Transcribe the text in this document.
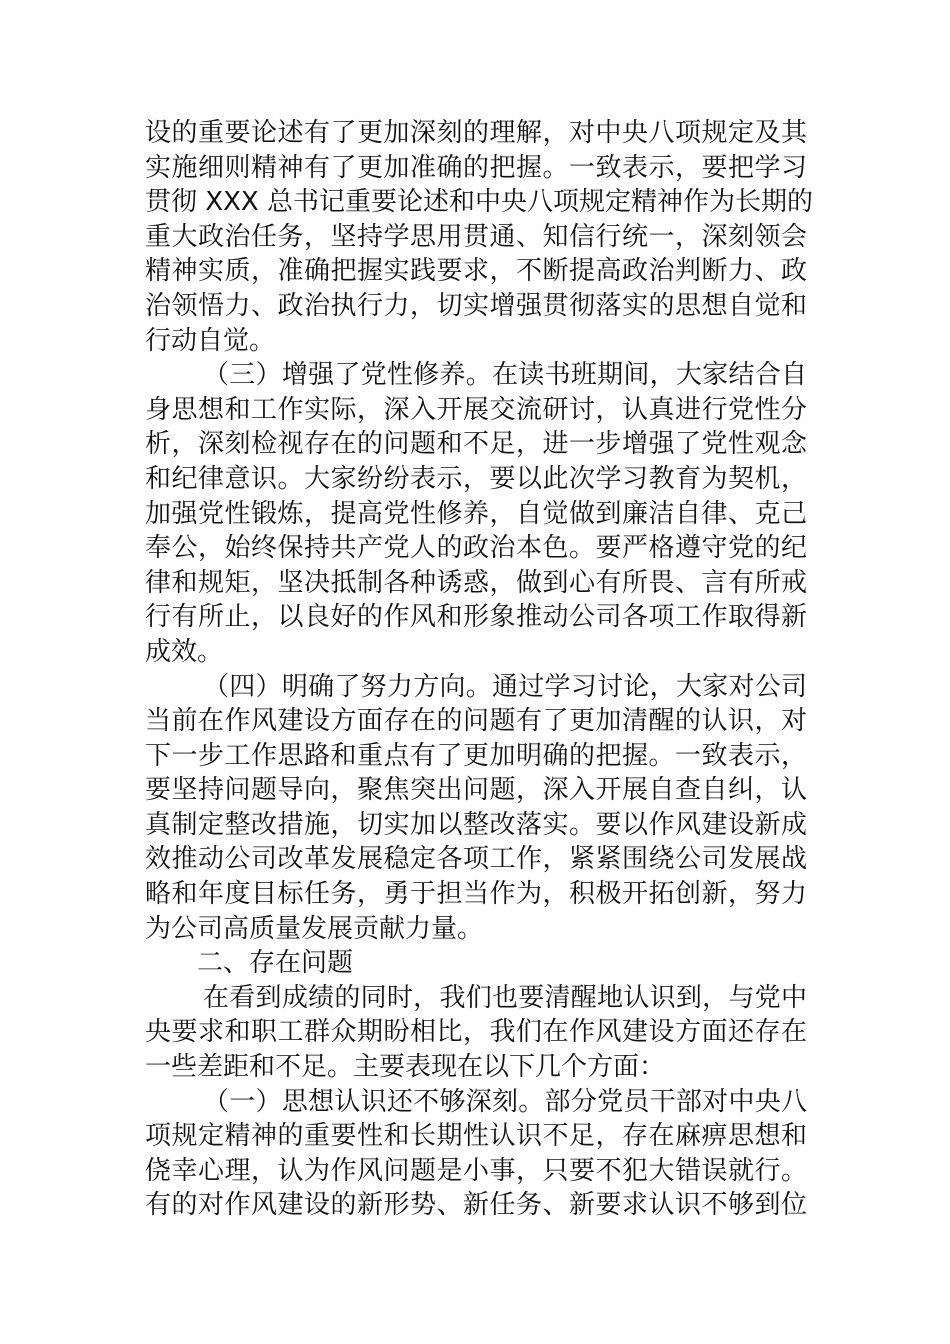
设的重要论述有了更加深刻的理解，对中央八项规定及其
实施细则精神有了更加准确的把握。一致表示，要把学习
贯彻 XXX 总书记重要论述和中央八项规定精神作为长期的
重大政治任务，坚持学思用贯通、知信行统一，深刻领会
精神实质，准确把握实践要求，不断提高政治判断力、政
治领悟力、政治执行力，切实增强贯彻落实的思想自觉和
行动自觉。
（三）增强了党性修养。在读书班期间，大家结合自
身思想和工作实际，深入开展交流研讨，认真进行党性分
析，深刻检视存在的问题和不足，进一步增强了党性观念
和纪律意识。大家纷纷表示，要以此次学习教育为契机，
加强党性锻炼，提高党性修养，自觉做到廉洁自律、克己
奉公，始终保持共产党人的政治本色。要严格遵守党的纪
律和规矩，坚决抵制各种诱惑，做到心有所畏、言有所戒
行有所止，以良好的作风和形象推动公司各项工作取得新
成效。
（四）明确了努力方向。通过学习讨论，大家对公司
当前在作风建设方面存在的问题有了更加清醒的认识，对
下一步工作思路和重点有了更加明确的把握。一致表示，
要坚持问题导向，聚焦突出问题，深入开展自查自纠，认
真制定整改措施，切实加以整改落实。要以作风建设新成
效推动公司改革发展稳定各项工作，紧紧围绕公司发展战
略和年度目标任务，勇于担当作为，积极开拓创新，努力
为公司高质量发展贡献力量。
二、存在问题
在看到成绩的同时，我们也要清醒地认识到，与党中
央要求和职工群众期盼相比，我们在作风建设方面还存在
一些差距和不足。主要表现在以下几个方面：
（一）思想认识还不够深刻。部分党员干部对中央八
项规定精神的重要性和长期性认识不足，存在麻痹思想和
侥幸心理，认为作风问题是小事，只要不犯大错误就行。
有的对作风建设的新形势、新任务、新要求认识不够到位
